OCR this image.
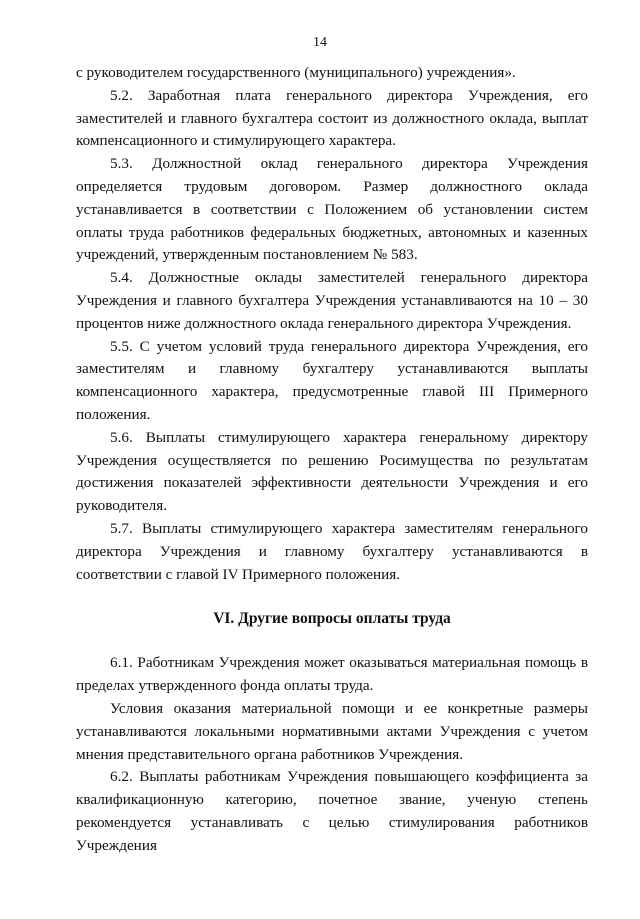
14

с руководителем государственного (муниципального) учреждения».

5.2. Заработная плата генерального директора Учреждения, его заместителей и главного бухгалтера состоит из должностного оклада, выплат компенсационного и стимулирующего характера.

5.3. Должностной оклад генерального директора Учреждения определяется трудовым договором. Размер должностного оклада устанавливается в соответствии с Положением об установлении систем оплаты труда работников федеральных бюджетных, автономных и казенных учреждений, утвержденным постановлением № 583.

5.4. Должностные оклады заместителей генерального директора Учреждения и главного бухгалтера Учреждения устанавливаются на 10 – 30 процентов ниже должностного оклада генерального директора Учреждения.

5.5. С учетом условий труда генерального директора Учреждения, его заместителям и главному бухгалтеру устанавливаются выплаты компенсационного характера, предусмотренные главой III Примерного положения.

5.6. Выплаты стимулирующего характера генеральному директору Учреждения осуществляется по решению Росимущества по результатам достижения показателей эффективности деятельности Учреждения и его руководителя.

5.7. Выплаты стимулирующего характера заместителям генерального директора Учреждения и главному бухгалтеру устанавливаются в соответствии с главой IV Примерного положения.

VI. Другие вопросы оплаты труда

6.1. Работникам Учреждения может оказываться материальная помощь в пределах утвержденного фонда оплаты труда.

Условия оказания материальной помощи и ее конкретные размеры устанавливаются локальными нормативными актами Учреждения с учетом мнения представительного органа работников Учреждения.

6.2. Выплаты работникам Учреждения повышающего коэффициента за квалификационную категорию, почетное звание, ученую степень рекомендуется устанавливать с целью стимулирования работников Учреждения
